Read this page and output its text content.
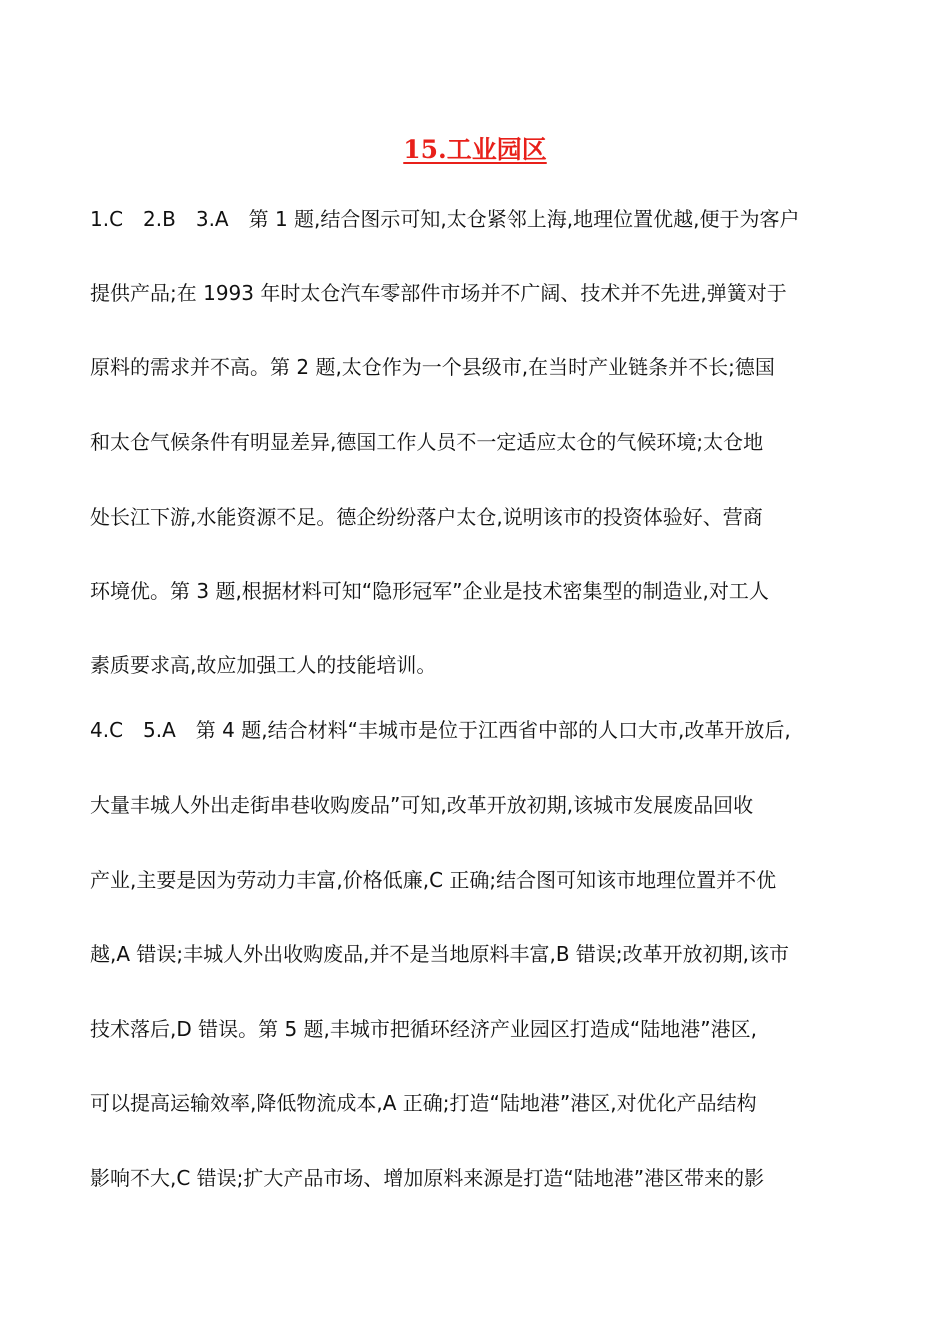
15.工业园区
1.C　2.B　3.A　第 1 题,结合图示可知,太仓紧邻上海,地理位置优越,便于为客户
提供产品;在 1993 年时太仓汽车零部件市场并不广阔、技术并不先进,弹簧对于
原料的需求并不高。第 2 题,太仓作为一个县级市,在当时产业链条并不长;德国
和太仓气候条件有明显差异,德国工作人员不一定适应太仓的气候环境;太仓地
处长江下游,水能资源不足。德企纷纷落户太仓,说明该市的投资体验好、营商
环境优。第 3 题,根据材料可知“隐形冠军”企业是技术密集型的制造业,对工人
素质要求高,故应加强工人的技能培训。
4.C　5.A　第 4 题,结合材料“丰城市是位于江西省中部的人口大市,改革开放后,
大量丰城人外出走街串巷收购废品”可知,改革开放初期,该城市发展废品回收
产业,主要是因为劳动力丰富,价格低廉,C 正确;结合图可知该市地理位置并不优
越,A 错误;丰城人外出收购废品,并不是当地原料丰富,B 错误;改革开放初期,该市
技术落后,D 错误。第 5 题,丰城市把循环经济产业园区打造成“陆地港”港区,
可以提高运输效率,降低物流成本,A 正确;打造“陆地港”港区,对优化产品结构
影响不大,C 错误;扩大产品市场、增加原料来源是打造“陆地港”港区带来的影
